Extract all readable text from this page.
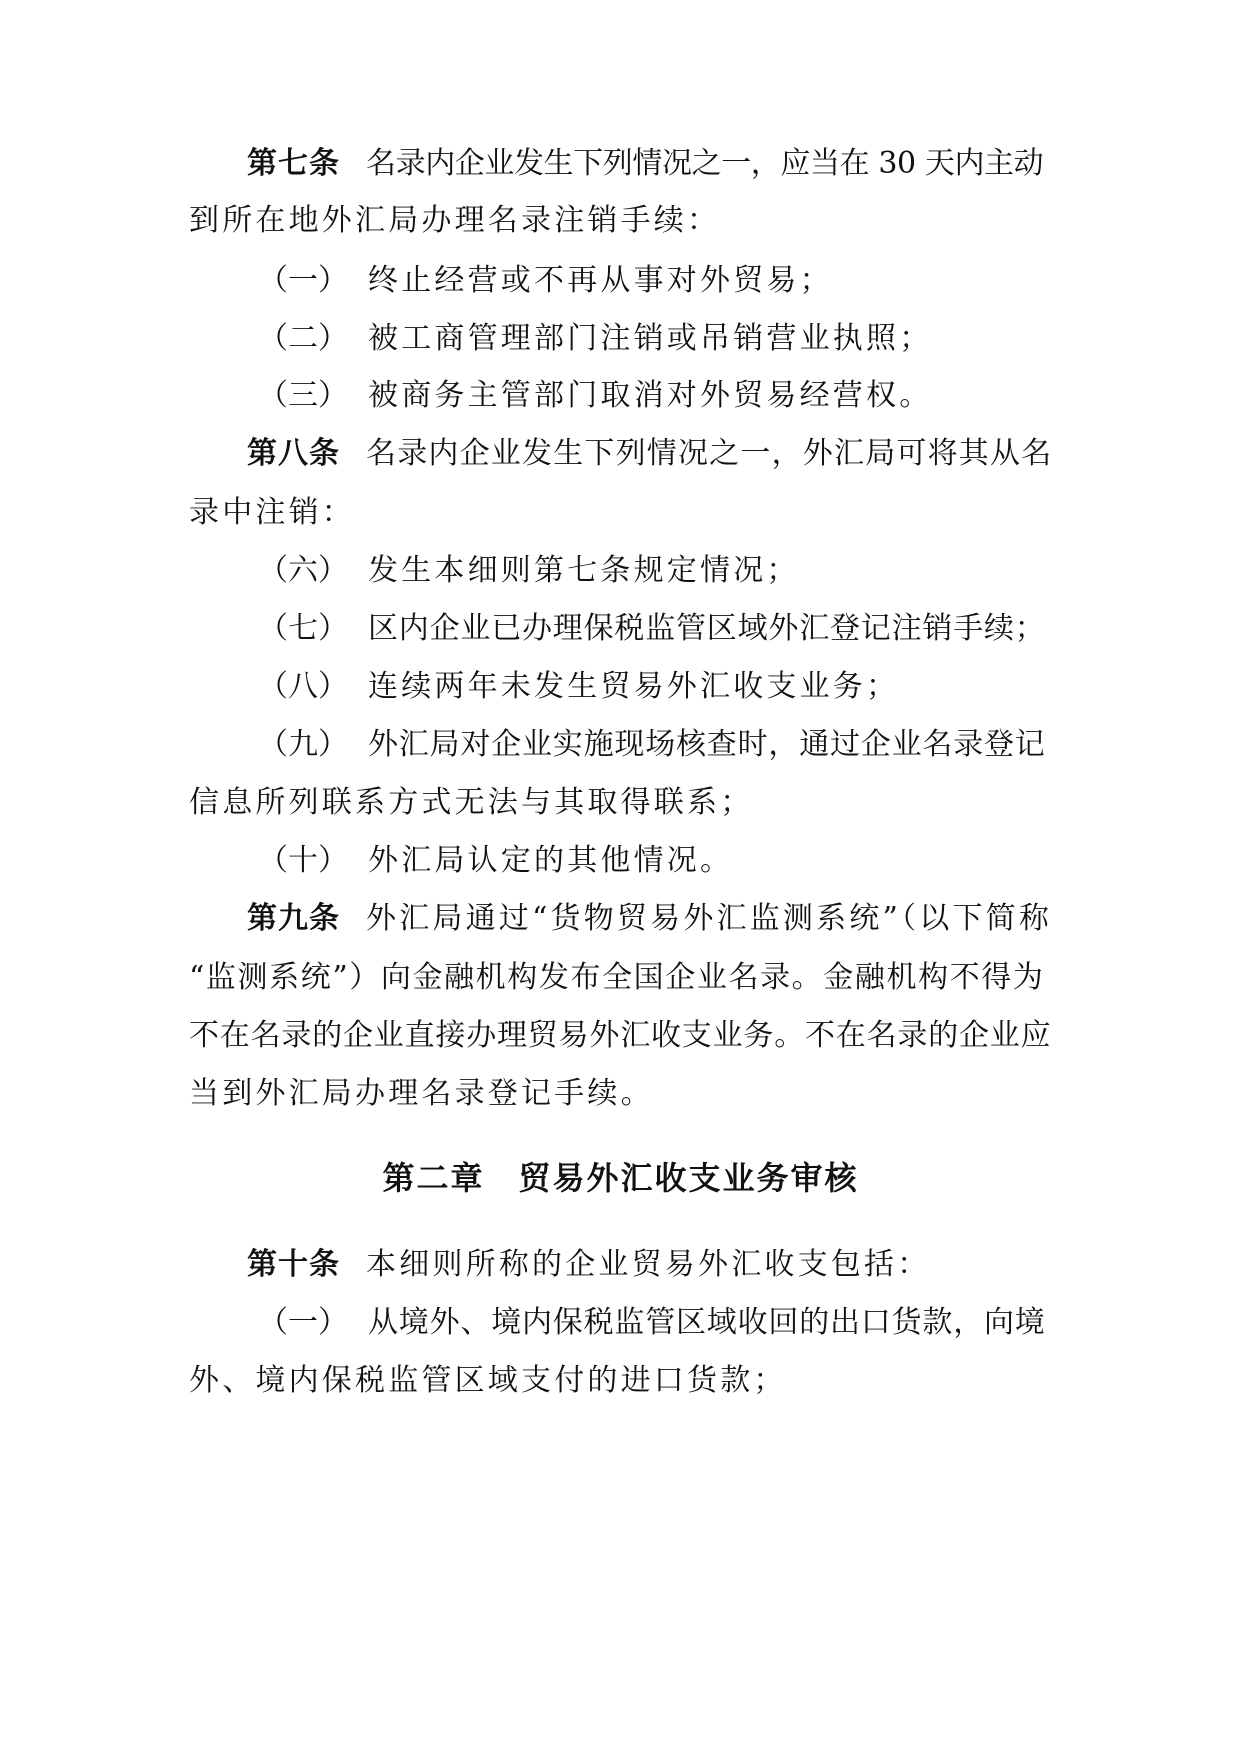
第七条 名录内企业发生下列情况之一，应当在 30 天内主动
到所在地外汇局办理名录注销手续：
（一） 终止经营或不再从事对外贸易；
（二） 被工商管理部门注销或吊销营业执照；
（三） 被商务主管部门取消对外贸易经营权。
第八条 名录内企业发生下列情况之一，外汇局可将其从名
录中注销：
（六） 发生本细则第七条规定情况；
（七） 区内企业已办理保税监管区域外汇登记注销手续；
（八） 连续两年未发生贸易外汇收支业务；
（九） 外汇局对企业实施现场核查时，通过企业名录登记
信息所列联系方式无法与其取得联系；
（十） 外汇局认定的其他情况。
第九条 外汇局通过“货物贸易外汇监测系统”（以下简称
“监测系统”）向金融机构发布全国企业名录。金融机构不得为
不在名录的企业直接办理贸易外汇收支业务。不在名录的企业应
当到外汇局办理名录登记手续。
第二章 贸易外汇收支业务审核
第十条 本细则所称的企业贸易外汇收支包括：
（一） 从境外、境内保税监管区域收回的出口货款，向境
外、境内保税监管区域支付的进口货款；
